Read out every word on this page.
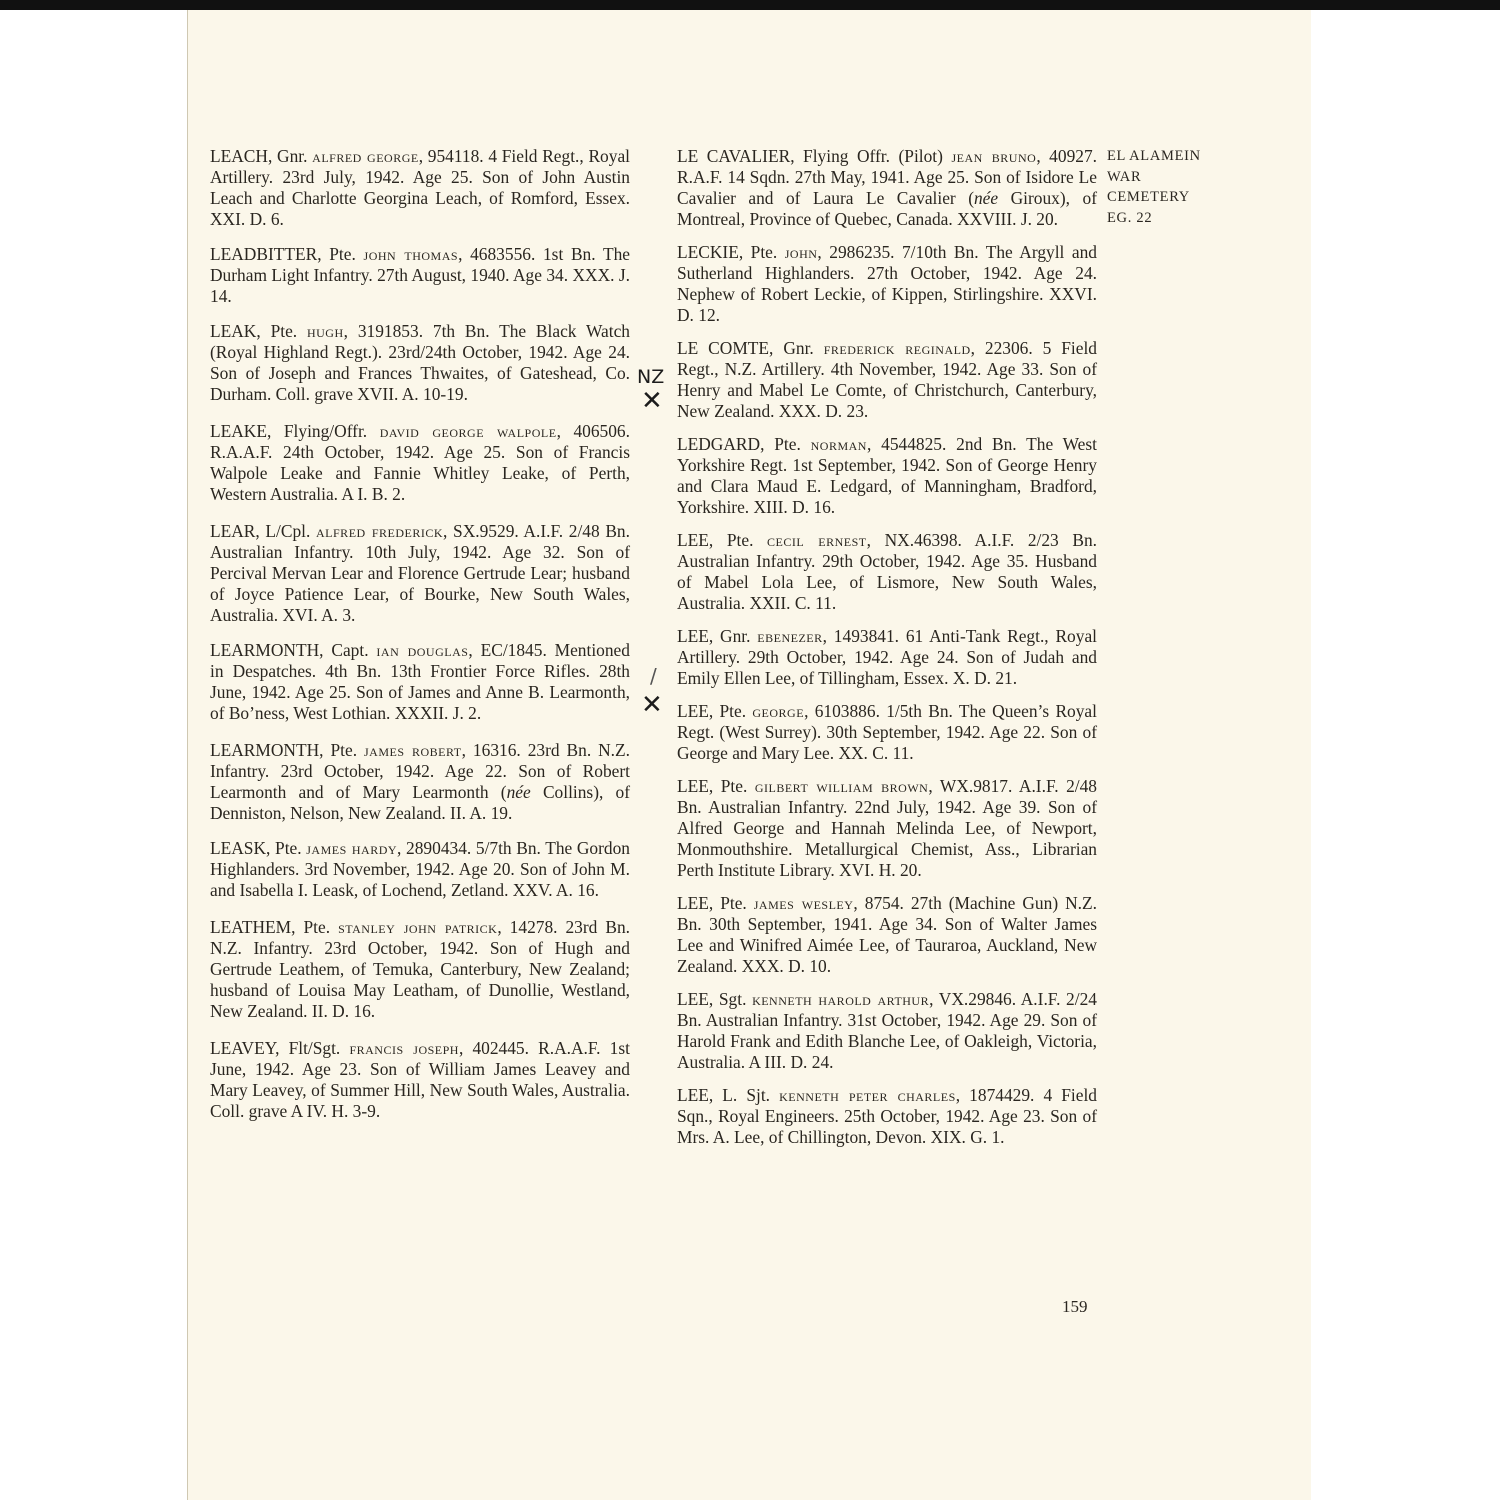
LEACH, Gnr. alfred george, 954118. 4 Field Regt., Royal Artillery. 23rd July, 1942. Age 25. Son of John Austin Leach and Charlotte Georgina Leach, of Romford, Essex. XXI. D. 6.

LEADBITTER, Pte. john thomas, 4683556. 1st Bn. The Durham Light Infantry. 27th August, 1940. Age 34. XXX. J. 14.

LEAK, Pte. hugh, 3191853. 7th Bn. The Black Watch (Royal Highland Regt.). 23rd/24th October, 1942. Age 24. Son of Joseph and Frances Thwaites, of Gateshead, Co. Durham. Coll. grave XVII. A. 10-19.

LEAKE, Flying/Offr. david george walpole, 406506. R.A.A.F. 24th October, 1942. Age 25. Son of Francis Walpole Leake and Fannie Whitley Leake, of Perth, Western Australia. A I. B. 2.

LEAR, L/Cpl. alfred frederick, SX.9529. A.I.F. 2/48 Bn. Australian Infantry. 10th July, 1942. Age 32. Son of Percival Mervan Lear and Florence Gertrude Lear; husband of Joyce Patience Lear, of Bourke, New South Wales, Australia. XVI. A. 3.

LEARMONTH, Capt. ian douglas, EC/1845. Mentioned in Despatches. 4th Bn. 13th Frontier Force Rifles. 28th June, 1942. Age 25. Son of James and Anne B. Learmonth, of Bo’ness, West Lothian. XXXII. J. 2.

LEARMONTH, Pte. james robert, 16316. 23rd Bn. N.Z. Infantry. 23rd October, 1942. Age 22. Son of Robert Learmonth and of Mary Learmonth (née Collins), of Denniston, Nelson, New Zealand. II. A. 19.

LEASK, Pte. james hardy, 2890434. 5/7th Bn. The Gordon Highlanders. 3rd November, 1942. Age 20. Son of John M. and Isabella I. Leask, of Lochend, Zetland. XXV. A. 16.

LEATHEM, Pte. stanley john patrick, 14278. 23rd Bn. N.Z. Infantry. 23rd October, 1942. Son of Hugh and Gertrude Leathem, of Temuka, Canterbury, New Zealand; husband of Louisa May Leatham, of Dunollie, Westland, New Zealand. II. D. 16.

LEAVEY, Flt/Sgt. francis joseph, 402445. R.A.A.F. 1st June, 1942. Age 23. Son of William James Leavey and Mary Leavey, of Summer Hill, New South Wales, Australia. Coll. grave A IV. H. 3-9.

LE CAVALIER, Flying Offr. (Pilot) jean bruno, 40927. R.A.F. 14 Sqdn. 27th May, 1941. Age 25. Son of Isidore Le Cavalier and of Laura Le Cavalier (née Giroux), of Montreal, Province of Quebec, Canada. XXVIII. J. 20.

LECKIE, Pte. john, 2986235. 7/10th Bn. The Argyll and Sutherland Highlanders. 27th October, 1942. Age 24. Nephew of Robert Leckie, of Kippen, Stirlingshire. XXVI. D. 12.

LE COMTE, Gnr. frederick reginald, 22306. 5 Field Regt., N.Z. Artillery. 4th November, 1942. Age 33. Son of Henry and Mabel Le Comte, of Christchurch, Canterbury, New Zealand. XXX. D. 23.

LEDGARD, Pte. norman, 4544825. 2nd Bn. The West Yorkshire Regt. 1st September, 1942. Son of George Henry and Clara Maud E. Ledgard, of Manningham, Bradford, Yorkshire. XIII. D. 16.

LEE, Pte. cecil ernest, NX.46398. A.I.F. 2/23 Bn. Australian Infantry. 29th October, 1942. Age 35. Husband of Mabel Lola Lee, of Lismore, New South Wales, Australia. XXII. C. 11.

LEE, Gnr. ebenezer, 1493841. 61 Anti-Tank Regt., Royal Artillery. 29th October, 1942. Age 24. Son of Judah and Emily Ellen Lee, of Tillingham, Essex. X. D. 21.

LEE, Pte. george, 6103886. 1/5th Bn. The Queen’s Royal Regt. (West Surrey). 30th September, 1942. Age 22. Son of George and Mary Lee. XX. C. 11.

LEE, Pte. gilbert william brown, WX.9817. A.I.F. 2/48 Bn. Australian Infantry. 22nd July, 1942. Age 39. Son of Alfred George and Hannah Melinda Lee, of Newport, Monmouthshire. Metallurgical Chemist, Ass., Librarian Perth Institute Library. XVI. H. 20.

LEE, Pte. james wesley, 8754. 27th (Machine Gun) N.Z. Bn. 30th September, 1941. Age 34. Son of Walter James Lee and Winifred Aimée Lee, of Tauraroa, Auckland, New Zealand. XXX. D. 10.

LEE, Sgt. kenneth harold arthur, VX.29846. A.I.F. 2/24 Bn. Australian Infantry. 31st October, 1942. Age 29. Son of Harold Frank and Edith Blanche Lee, of Oakleigh, Victoria, Australia. A III. D. 24.

LEE, L. Sjt. kenneth peter charles, 1874429. 4 Field Sqn., Royal Engineers. 25th October, 1942. Age 23. Son of Mrs. A. Lee, of Chillington, Devon. XIX. G. 1.

EL ALAMEIN WAR CEMETERY
EG. 22
159
NZ
✕
/
✕
